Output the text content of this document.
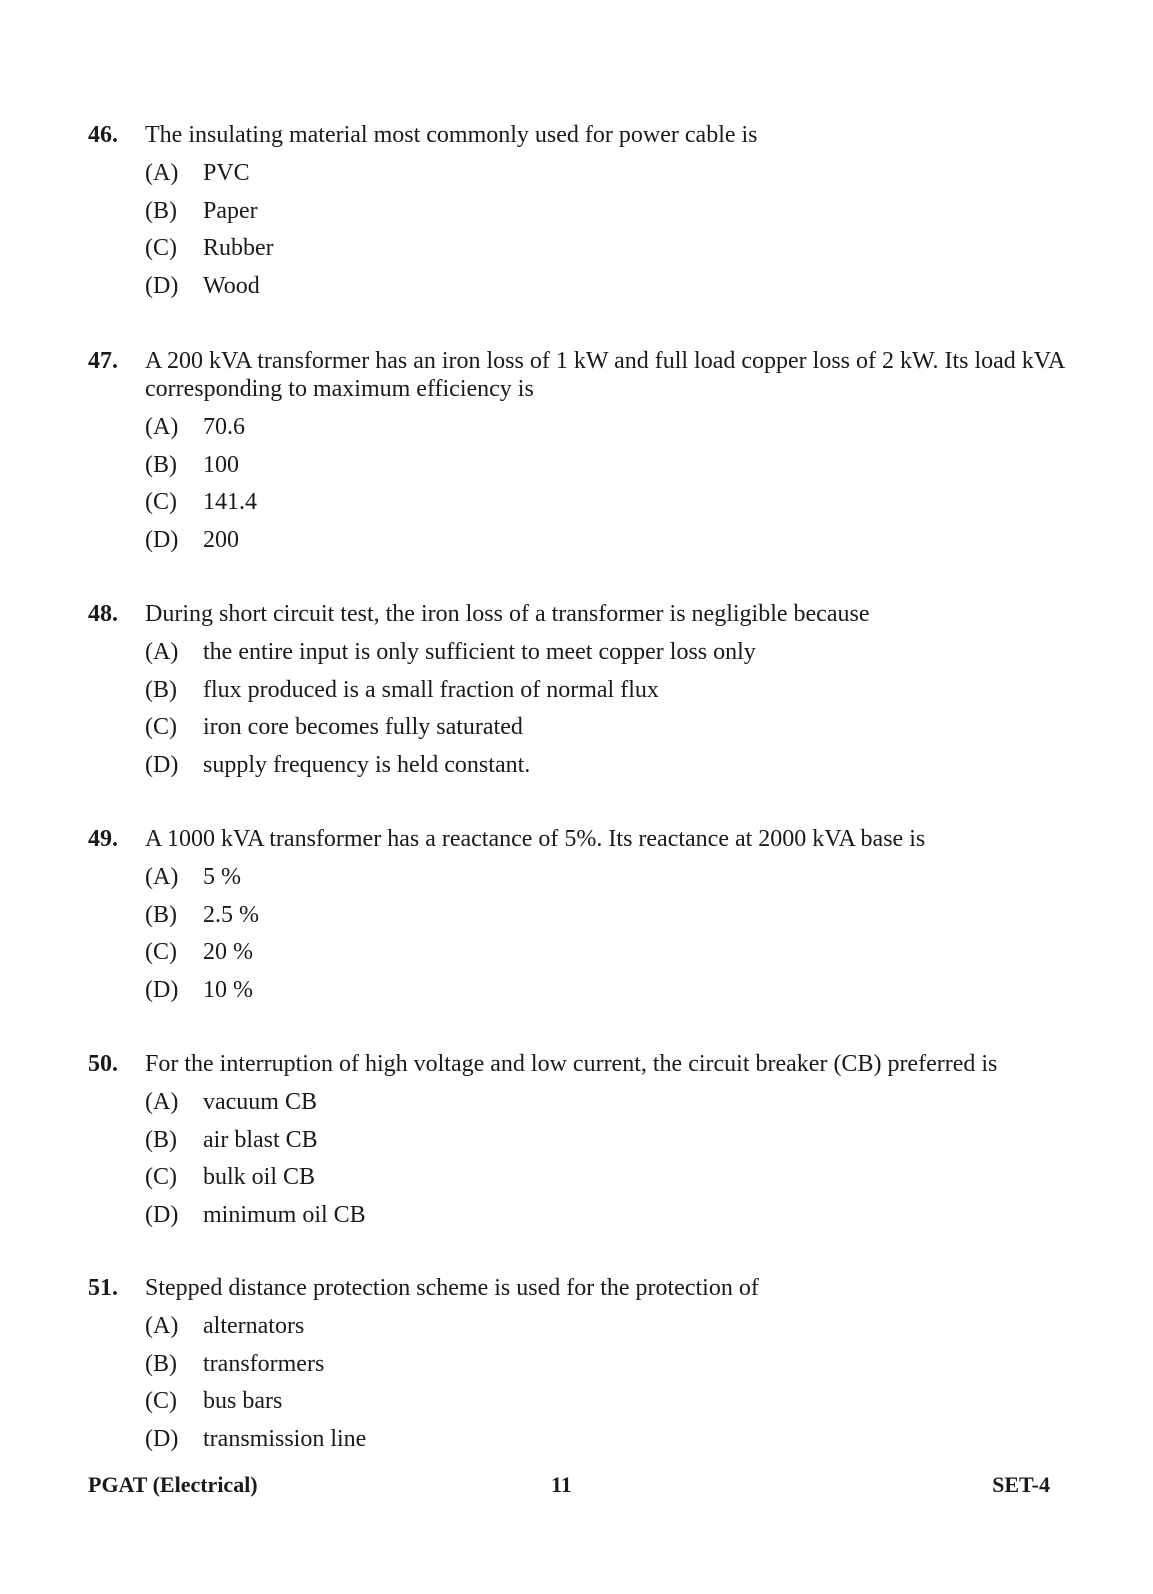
46. The insulating material most commonly used for power cable is
(A) PVC
(B) Paper
(C) Rubber
(D) Wood
47. A 200 kVA transformer has an iron loss of 1 kW and full load copper loss of 2 kW. Its load kVA corresponding to maximum efficiency is
(A) 70.6
(B) 100
(C) 141.4
(D) 200
48. During short circuit test, the iron loss of a transformer is negligible because
(A) the entire input is only sufficient to meet copper loss only
(B) flux produced is a small fraction of normal flux
(C) iron core becomes fully saturated
(D) supply frequency is held constant.
49. A 1000 kVA transformer has a reactance of 5%. Its reactance at 2000 kVA base is
(A) 5 %
(B) 2.5 %
(C) 20 %
(D) 10 %
50. For the interruption of high voltage and low current, the circuit breaker (CB) preferred is
(A) vacuum CB
(B) air blast CB
(C) bulk oil CB
(D) minimum oil CB
51. Stepped distance protection scheme is used for the protection of
(A) alternators
(B) transformers
(C) bus bars
(D) transmission line
PGAT (Electrical)	11	SET-4
